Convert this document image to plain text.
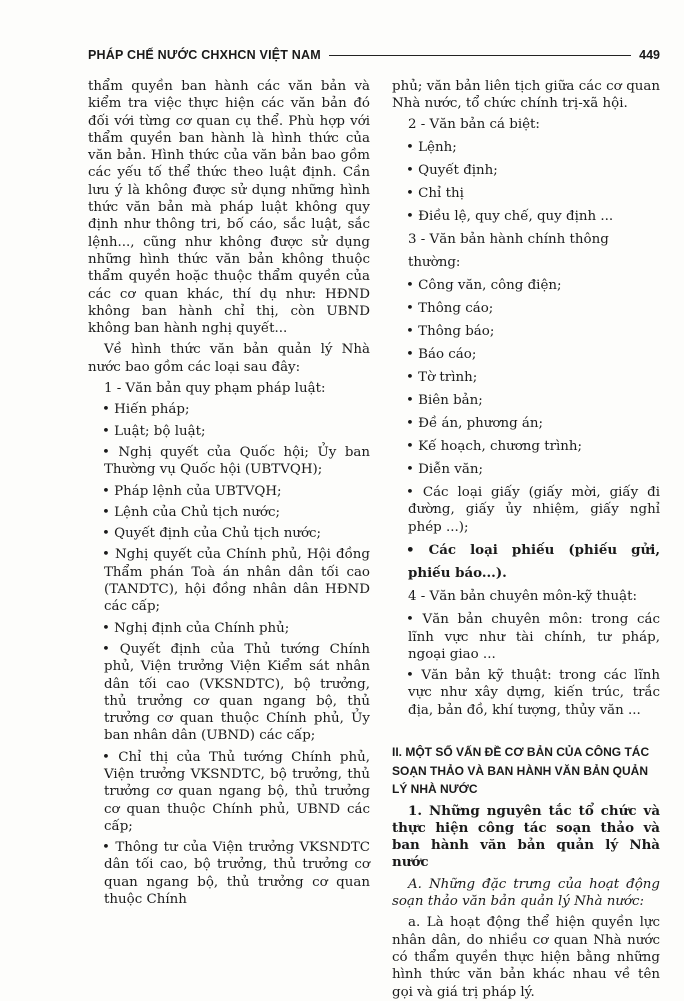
PHÁP CHẾ NƯỚC CHXHCN VIỆT NAM	449

thẩm quyền ban hành các văn bản và kiểm tra việc thực hiện các văn bản đó đối với từng cơ quan cụ thể. Phù hợp với thẩm quyền ban hành là hình thức của văn bản. Hình thức của văn bản bao gồm các yếu tố thể thức theo luật định. Cần lưu ý là không được sử dụng những hình thức văn bản mà pháp luật không quy định như thông tri, bố cáo, sắc luật, sắc lệnh..., cũng như không được sử dụng những hình thức văn bản không thuộc thẩm quyền hoặc thuộc thẩm quyền của các cơ quan khác, thí dụ như: HĐND không ban hành chỉ thị, còn UBND không ban hành nghị quyết...

Về hình thức văn bản quản lý Nhà nước bao gồm các loại sau đây:

1 - Văn bản quy phạm pháp luật:

• Hiến pháp;

• Luật; bộ luật;

• Nghị quyết của Quốc hội; Ủy ban Thường vụ Quốc hội (UBTVQH);

• Pháp lệnh của UBTVQH;

• Lệnh của Chủ tịch nước;

• Quyết định của Chủ tịch nước;

• Nghị quyết của Chính phủ, Hội đồng Thẩm phán Toà án nhân dân tối cao (TANDTC), hội đồng nhân dân HĐND các cấp;

• Nghị định của Chính phủ;

• Quyết định của Thủ tướng Chính phủ, Viện trưởng Viện Kiểm sát nhân dân tối cao (VKSNDTC), bộ trưởng, thủ trưởng cơ quan ngang bộ, thủ trưởng cơ quan thuộc Chính phủ, Ủy ban nhân dân (UBND) các cấp;

• Chỉ thị của Thủ tướng Chính phủ, Viện trưởng VKSNDTC, bộ trưởng, thủ trưởng cơ quan ngang bộ, thủ trưởng cơ quan thuộc Chính phủ, UBND các cấp;

• Thông tư của Viện trưởng VKSNDTC dân tối cao, bộ trưởng, thủ trưởng cơ quan ngang bộ, thủ trưởng cơ quan thuộc Chính

phủ; văn bản liên tịch giữa các cơ quan Nhà nước, tổ chức chính trị-xã hội.

2 - Văn bản cá biệt:

• Lệnh;

• Quyết định;

• Chỉ thị

• Điều lệ, quy chế, quy định ...

3 - Văn bản hành chính thông thường:

• Công văn, công điện;

• Thông cáo;

• Thông báo;

• Báo cáo;

• Tờ trình;

• Biên bản;

• Đề án, phương án;

• Kế hoạch, chương trình;

• Diễn văn;

• Các loại giấy (giấy mời, giấy đi đường, giấy ủy nhiệm, giấy nghỉ phép ...);

• Các loại phiếu (phiếu gửi, phiếu báo...).

4 - Văn bản chuyên môn-kỹ thuật:

• Văn bản chuyên môn: trong các lĩnh vực như tài chính, tư pháp, ngoại giao ...

• Văn bản kỹ thuật: trong các lĩnh vực như xây dựng, kiến trúc, trắc địa, bản đồ, khí tượng, thủy văn ...

II. MỘT SỐ VẤN ĐỀ CƠ BẢN CỦA CÔNG TÁC SOẠN THẢO VÀ BAN HÀNH VĂN BẢN QUẢN LÝ NHÀ NƯỚC

1. Những nguyên tắc tổ chức và thực hiện công tác soạn thảo và ban hành văn bản quản lý Nhà nước

A. Những đặc trưng của hoạt động soạn thảo văn bản quản lý Nhà nước:

a. Là hoạt động thể hiện quyền lực nhân dân, do nhiều cơ quan Nhà nước có thẩm quyền thực hiện bằng những hình thức văn bản khác nhau về tên gọi và giá trị pháp lý.
